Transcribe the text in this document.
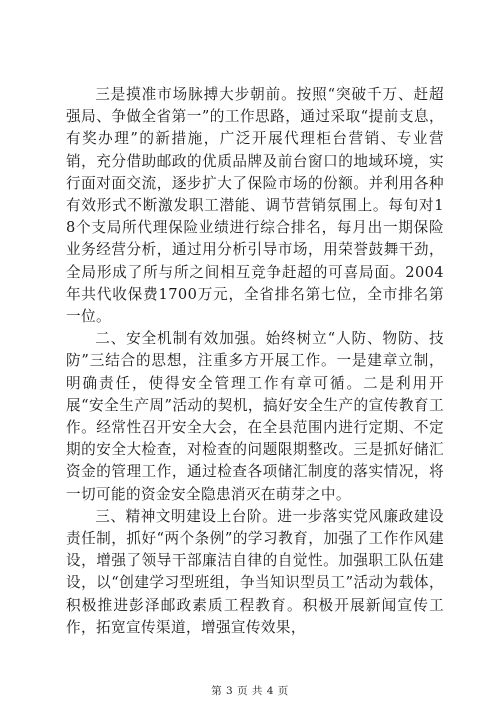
三是摸准市场脉搏大步朝前。按照“突破千万、赶超强局、争做全省第一”的工作思路，通过采取“提前支息，有奖办理”的新措施，广泛开展代理柜台营销、专业营销，充分借助邮政的优质品牌及前台窗口的地域环境，实行面对面交流，逐步扩大了保险市场的份额。并利用各种有效形式不断激发职工潜能、调节营销氛围上。每旬对18个支局所代理保险业绩进行综合排名，每月出一期保险业务经营分析，通过用分析引导市场，用荣誉鼓舞干劲，全局形成了所与所之间相互竞争赶超的可喜局面。2004年共代收保费1700万元，全省排名第七位，全市排名第一位。

二、安全机制有效加强。始终树立“人防、物防、技防”三结合的思想，注重多方开展工作。一是建章立制，明确责任，使得安全管理工作有章可循。二是利用开展“安全生产周”活动的契机，搞好安全生产的宣传教育工作。经常性召开安全大会，在全县范围内进行定期、不定期的安全大检查，对检查的问题限期整改。三是抓好储汇资金的管理工作，通过检查各项储汇制度的落实情况，将一切可能的资金安全隐患消灭在萌芽之中。

三、精神文明建设上台阶。进一步落实党风廉政建设责任制，抓好“两个条例”的学习教育，加强了工作作风建设，增强了领导干部廉洁自律的自觉性。加强职工队伍建设，以“创建学习型班组，争当知识型员工”活动为载体，积极推进彭泽邮政素质工程教育。积极开展新闻宣传工作，拓宽宣传渠道，增强宣传效果，

第 3 页 共 4 页
